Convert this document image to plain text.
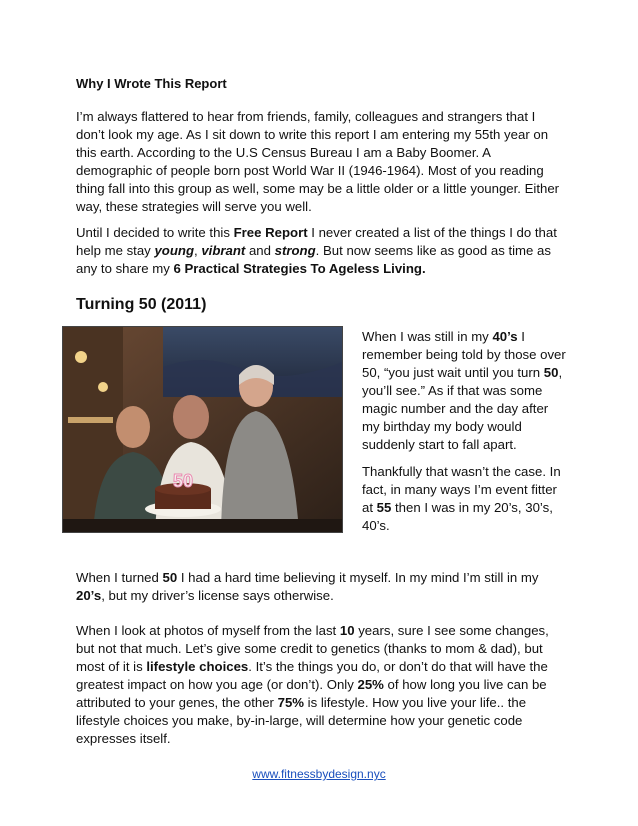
Why I Wrote This Report

I’m always flattered to hear from friends, family, colleagues and strangers that I don’t look my age. As I sit down to write this report I am entering my 55th year on this earth. According to the U.S Census Bureau I am a Baby Boomer. A demographic of people born post World War II (1946-1964). Most of you reading thing fall into this group as well, some may be a little older or a little younger. Either way, these strategies will serve you well.

Until I decided to write this Free Report I never created a list of the things I do that help me stay young, vibrant and strong. But now seems like as good as time as any to share my 6 Practical Strategies To Ageless Living.

Turning 50 (2011)
50

When I was still in my 40’s I remember being told by those over 50, “you just wait until you turn 50, you’ll see.” As if that was some magic number and the day after my birthday my body would suddenly start to fall apart.

Thankfully that wasn’t the case. In fact, in many ways I’m event fitter at 55 then I was in my 20’s, 30’s, 40’s.

When I turned 50 I had a hard time believing it myself. In my mind I’m still in my 20’s, but my driver’s license says otherwise.

When I look at photos of myself from the last 10 years, sure I see some changes, but not that much. Let’s give some credit to genetics (thanks to mom & dad), but most of it is lifestyle choices. It’s the things you do, or don’t do that will have the greatest impact on how you age (or don’t). Only 25% of how long you live can be attributed to your genes, the other 75% is lifestyle. How you live your life.. the lifestyle choices you make, by-in-large, will determine how your genetic code expresses itself.

www.fitnessbydesign.nyc
